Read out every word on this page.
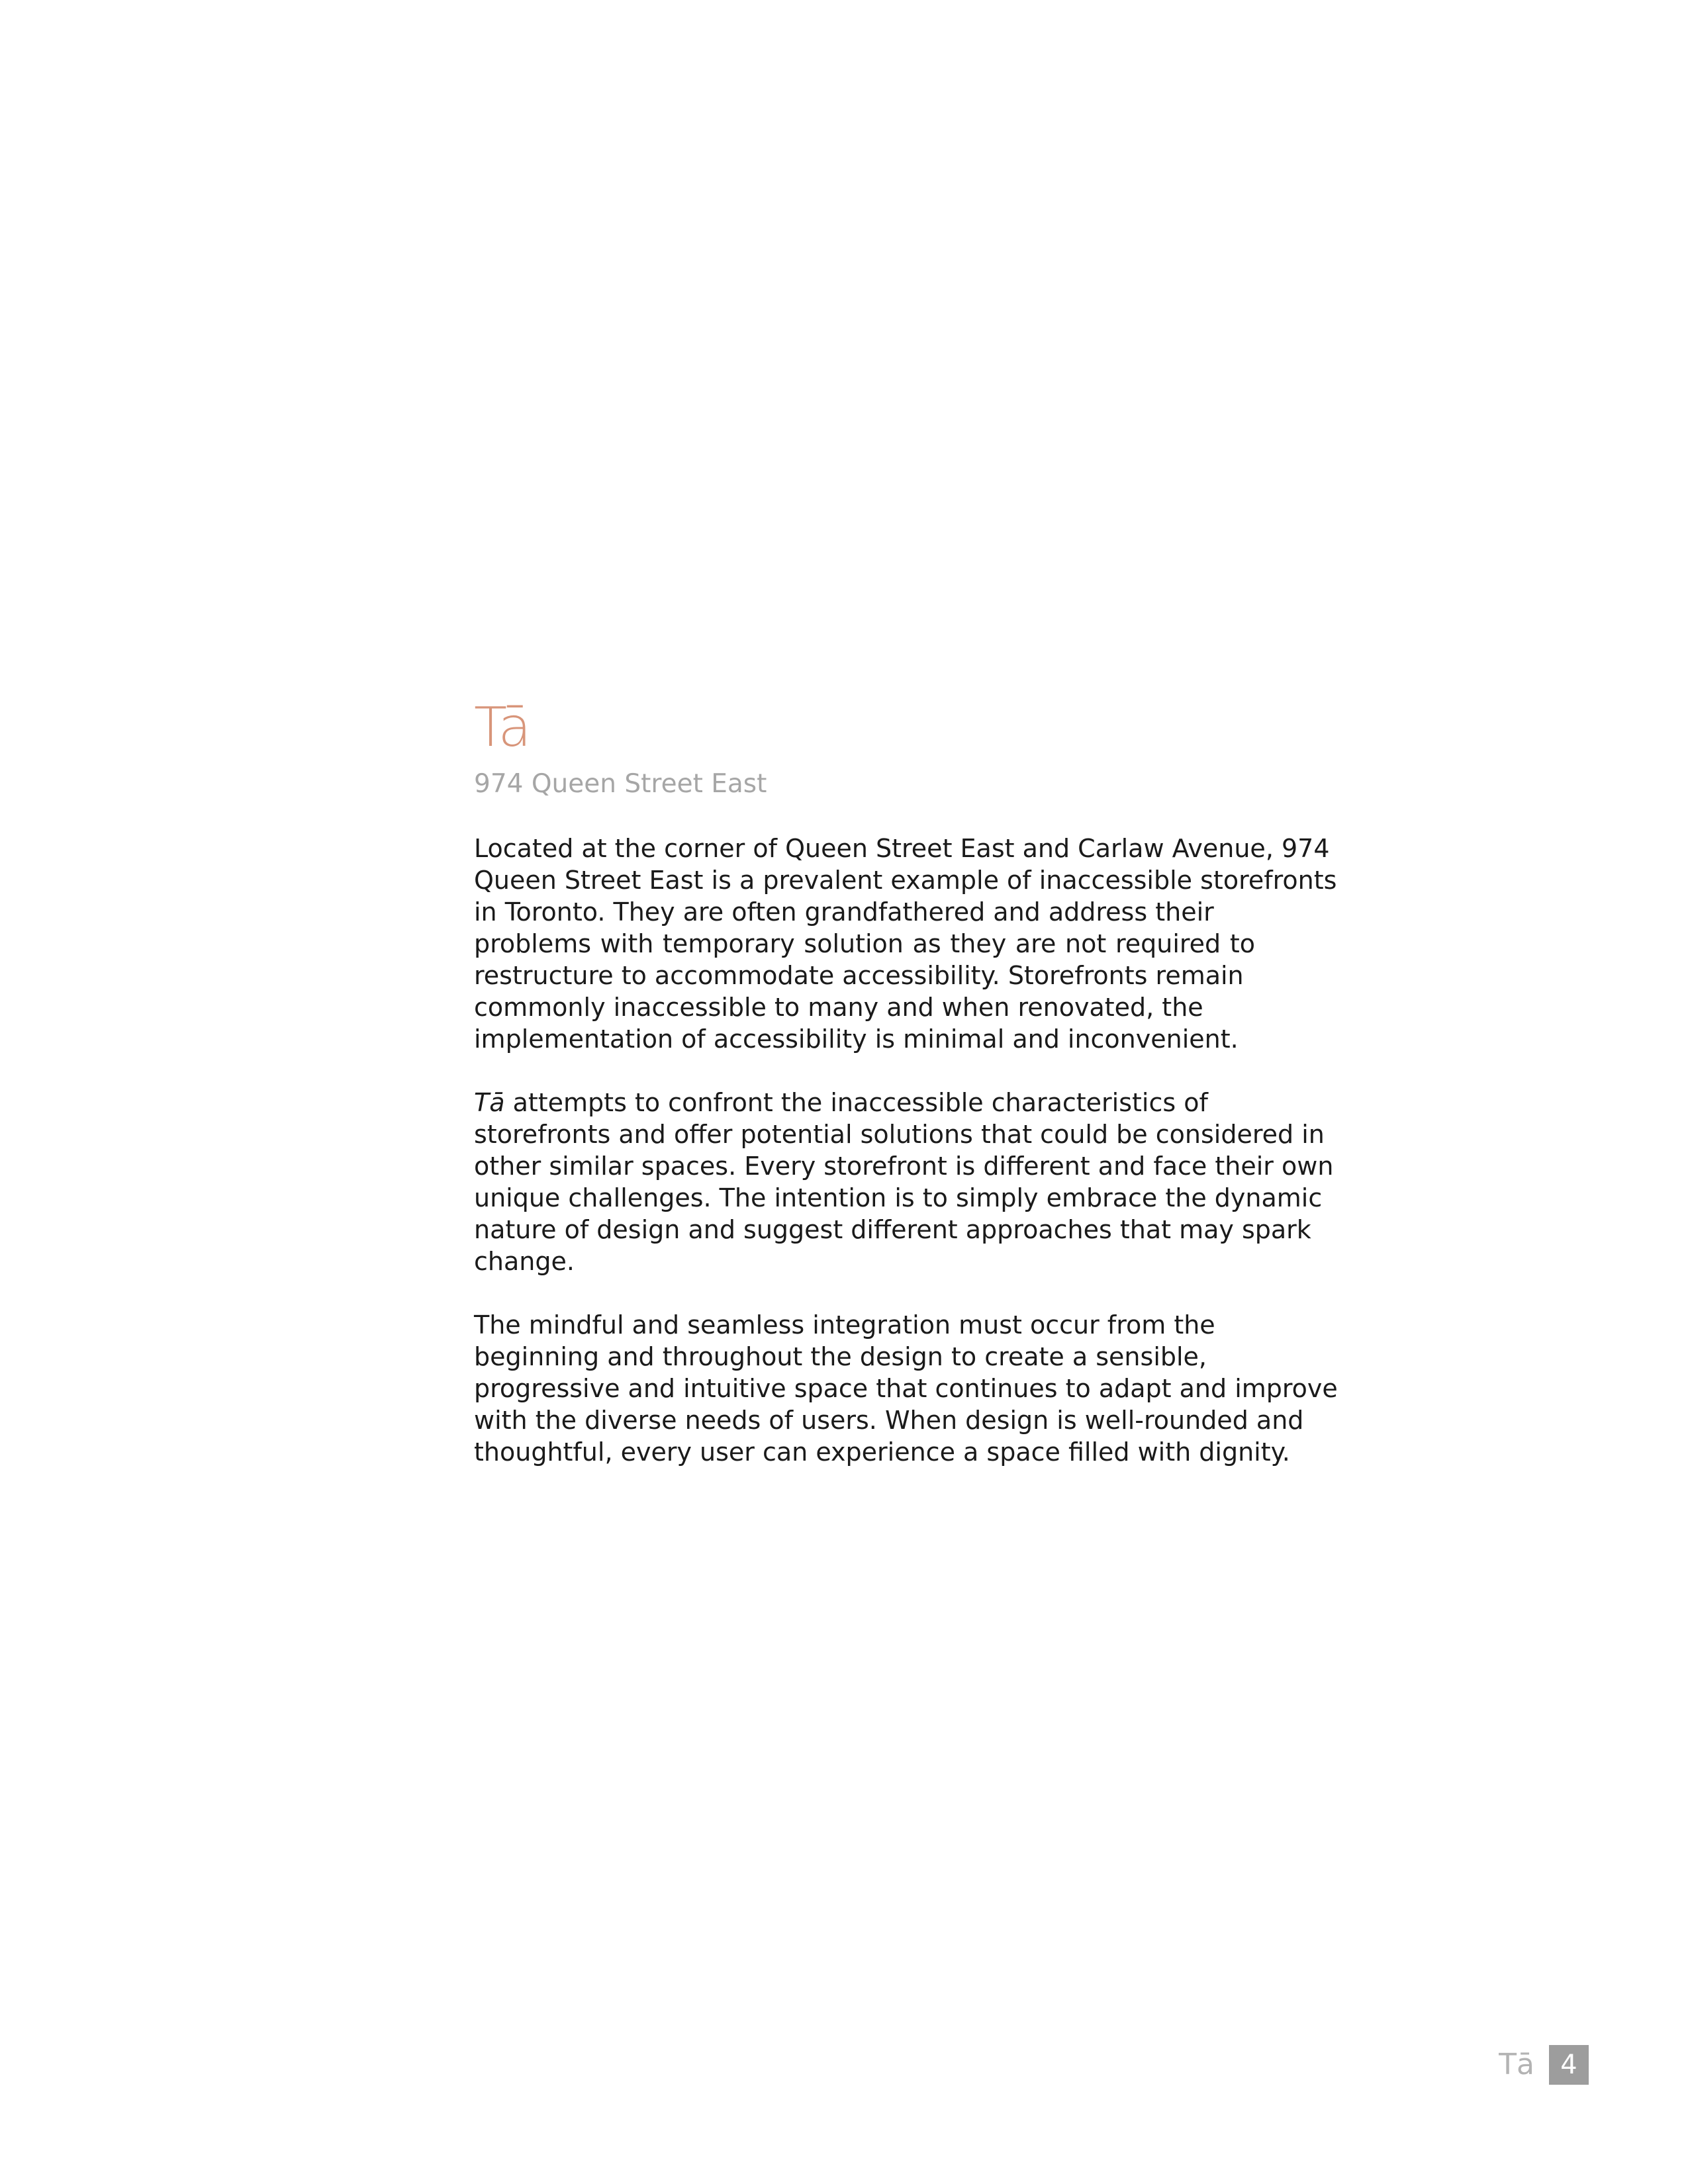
Tā

974 Queen Street East

Located at the corner of Queen Street East and Carlaw Avenue, 974
Queen Street East is a prevalent example of inaccessible storefronts
in Toronto. They are often grandfathered and address their
problems with temporary solution as they are not required to
restructure to accommodate accessibility. Storefronts remain
commonly inaccessible to many and when renovated, the
implementation of accessibility is minimal and inconvenient.

Tā attempts to confront the inaccessible characteristics of
storefronts and offer potential solutions that could be considered in
other similar spaces. Every storefront is different and face their own
unique challenges. The intention is to simply embrace the dynamic
nature of design and suggest different approaches that may spark
change.

The mindful and seamless integration must occur from the
beginning and throughout the design to create a sensible,
progressive and intuitive space that continues to adapt and improve
with the diverse needs of users. When design is well-rounded and
thoughtful, every user can experience a space filled with dignity.

Tā 4
